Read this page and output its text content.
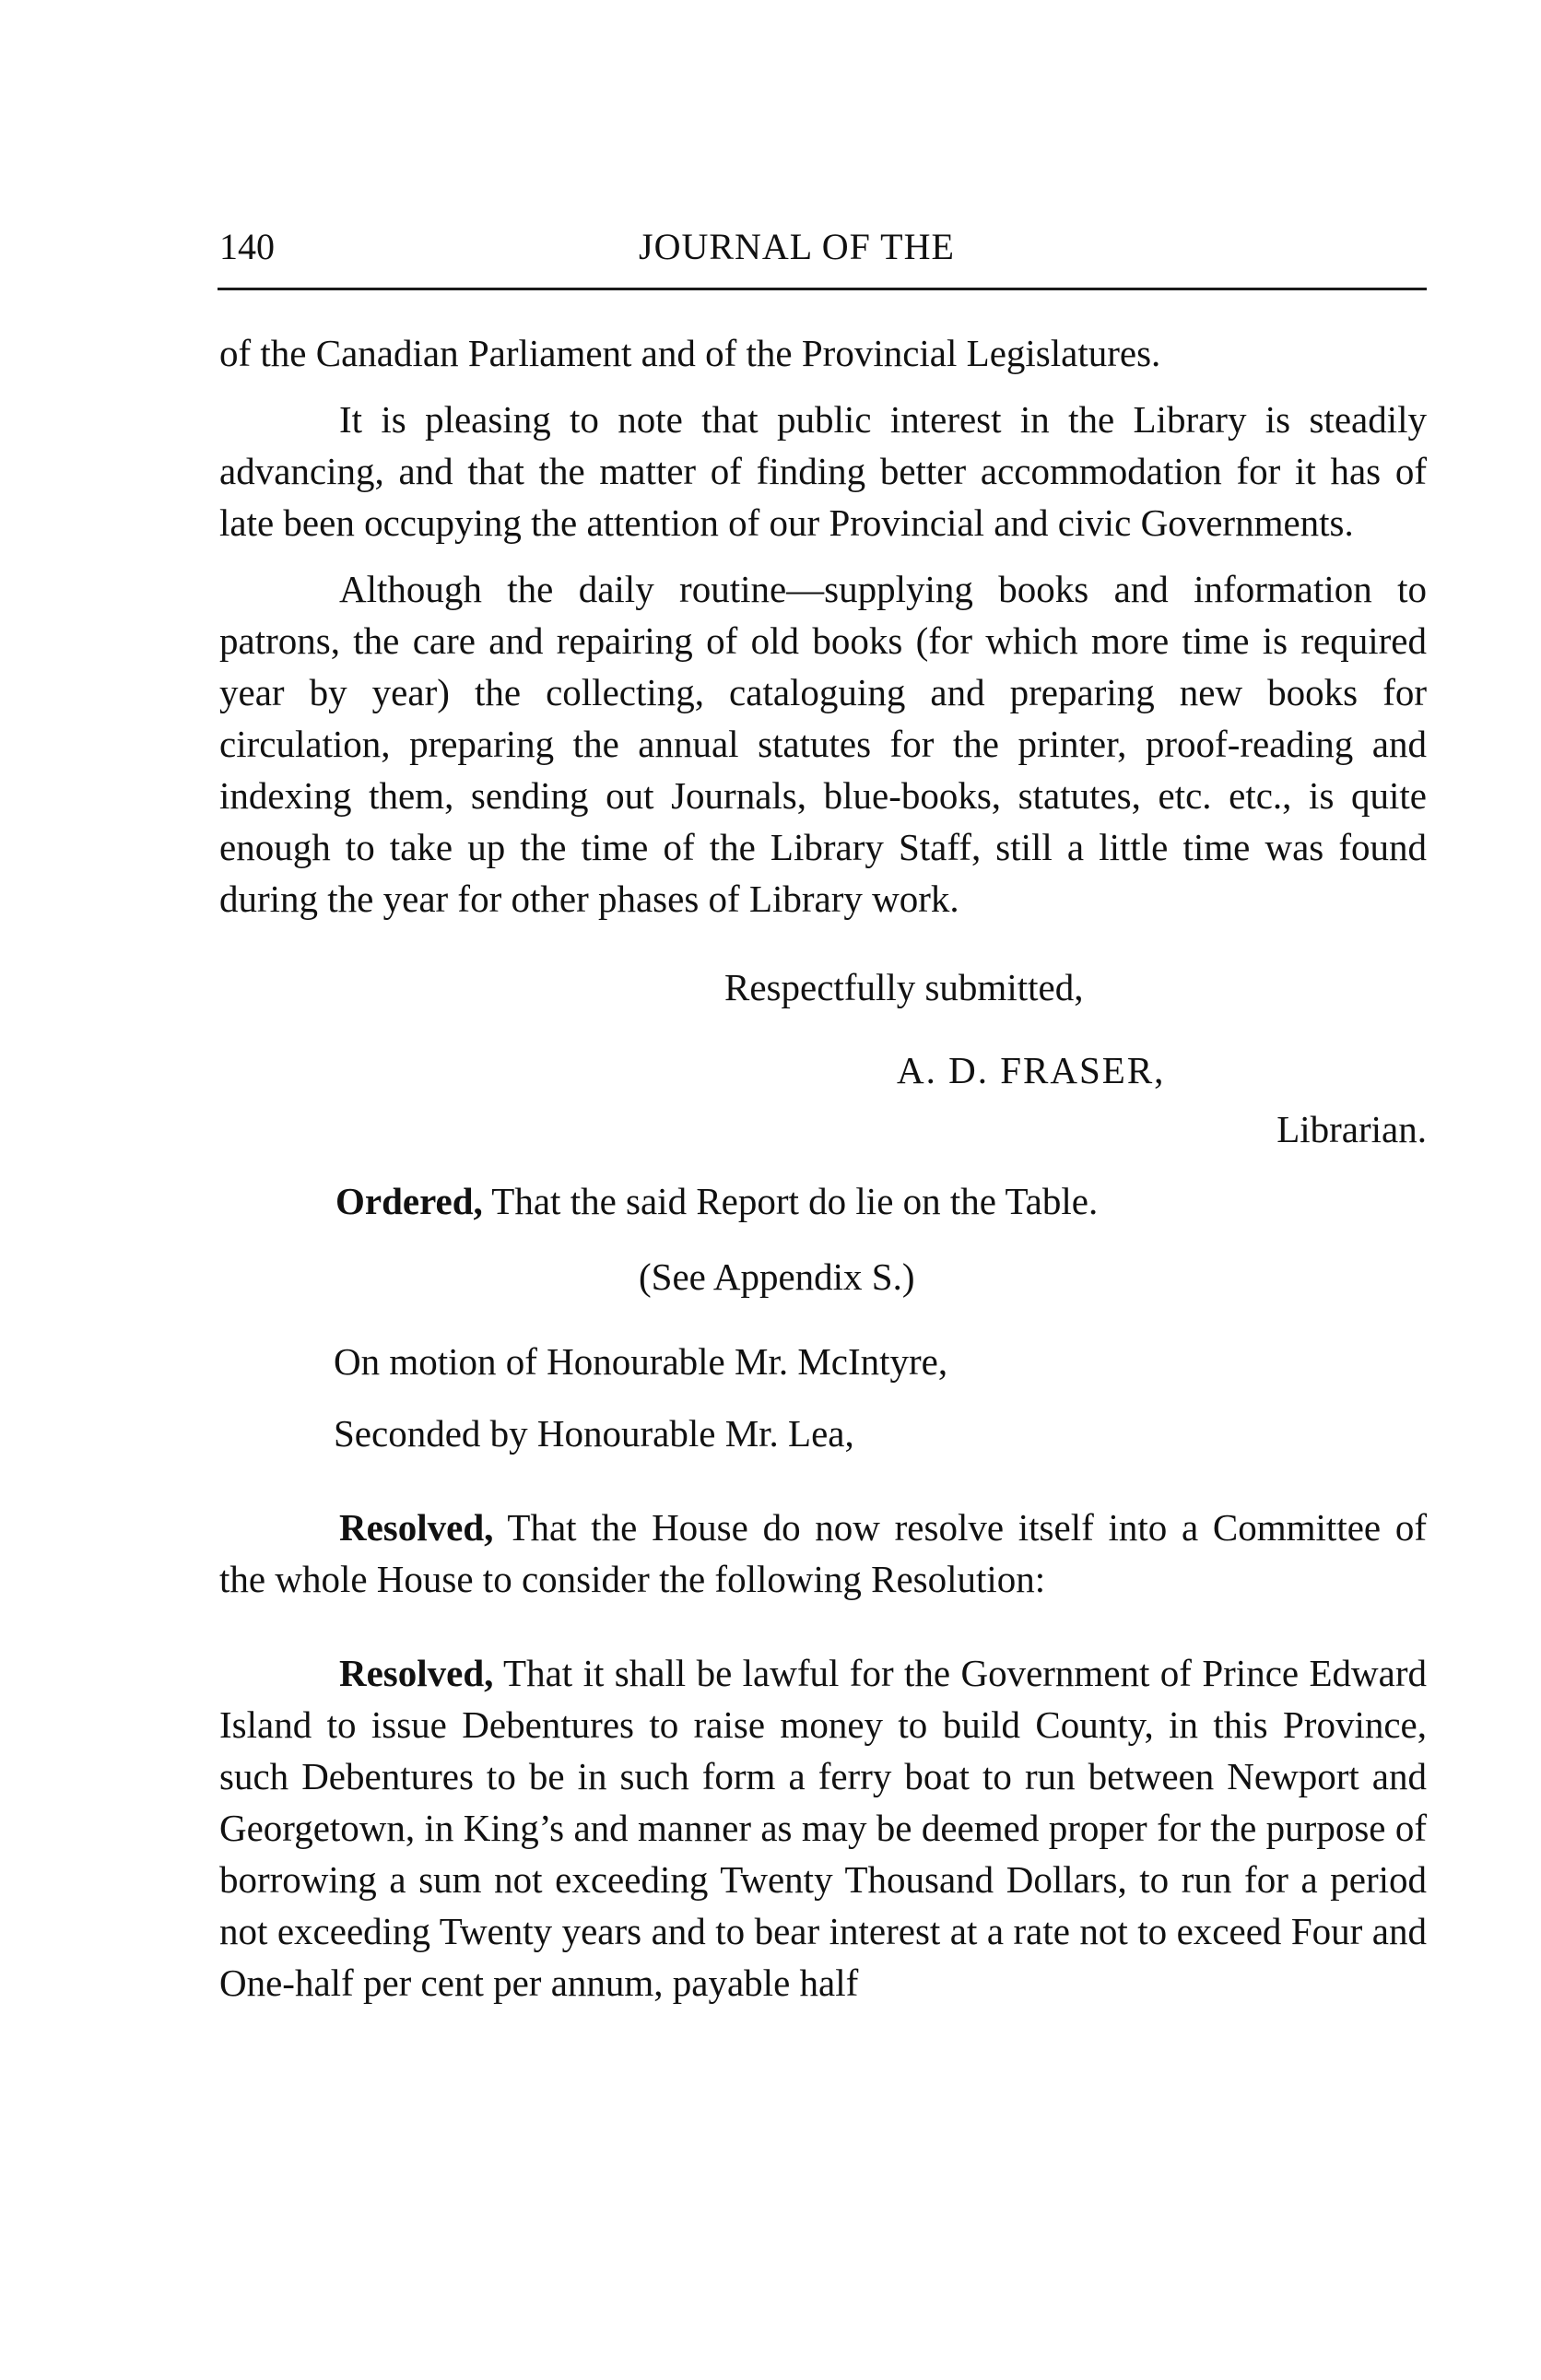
140	JOURNAL OF THE

of the Canadian Parliament and of the Provincial Legislatures.

It is pleasing to note that public interest in the Library is steadily advancing, and that the matter of finding better accommodation for it has of late been occupying the attention of our Provincial and civic Governments.

Although the daily routine—supplying books and information to patrons, the care and repairing of old books (for which more time is required year by year) the collecting, cataloguing and preparing new books for circulation, preparing the annual statutes for the printer, proof-reading and indexing them, sending out Journals, blue-books, statutes, etc. etc., is quite enough to take up the time of the Library Staff, still a little time was found during the year for other phases of Library work.

Respectfully submitted,

A. D. FRASER,

Librarian.

Ordered, That the said Report do lie on the Table.

(See Appendix S.)

On motion of Honourable Mr. McIntyre,

Seconded by Honourable Mr. Lea,

Resolved, That the House do now resolve itself into a Committee of the whole House to consider the following Resolution:

Resolved, That it shall be lawful for the Government of Prince Edward Island to issue Debentures to raise money to build County, in this Province, such Debentures to be in such form a ferry boat to run between Newport and Georgetown, in King’s and manner as may be deemed proper for the purpose of borrowing a sum not exceeding Twenty Thousand Dollars, to run for a period not exceeding Twenty years and to bear interest at a rate not to exceed Four and One-half per cent per annum, payable half
